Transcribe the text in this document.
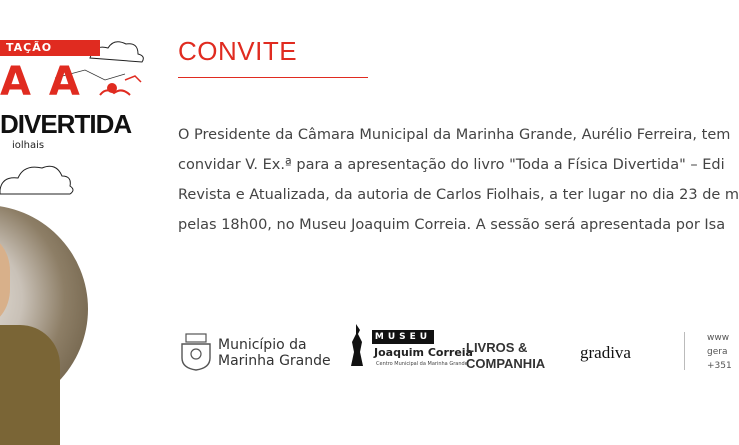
TAÇÃO
A A
DIVERTIDA
iolhais
CONVITE
O Presidente da Câmara Municipal da Marinha Grande, Aurélio Ferreira, tem
convidar V. Ex.ª para a apresentação do livro "Toda a Física Divertida" – Edi
Revista e Atualizada, da autoria de Carlos Fiolhais, a ter lugar no dia 23 de m
pelas 18h00, no Museu Joaquim Correia. A sessão será apresentada por Isa
Município da
Marinha Grande
MUSEU
Joaquim Correia
Centro Municipal da Marinha Grande
LIVROS &
COMPANHIA
gradiva
www
gera
+351
